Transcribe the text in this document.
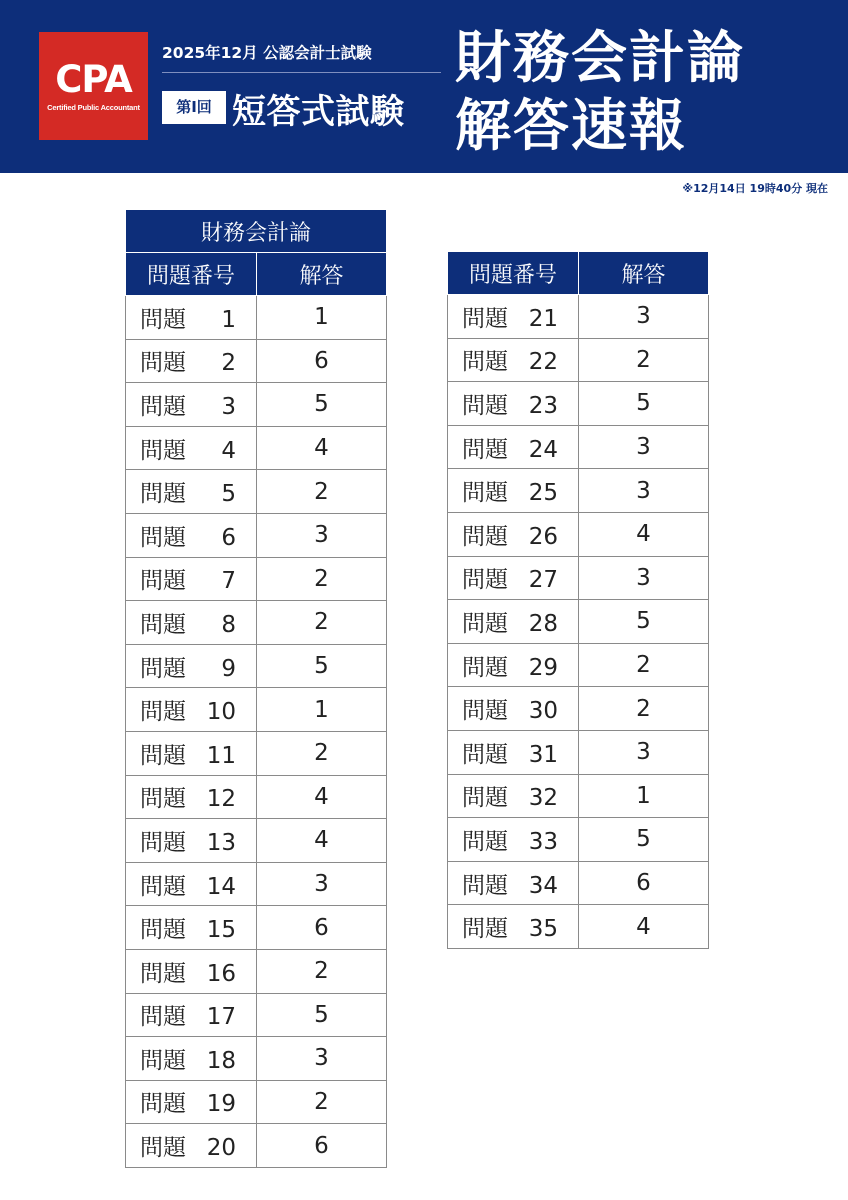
CPA
Certified Public Accountant
2025年12月 公認会計士試験
第Ⅰ回 短答式試験
財務会計論
解答速報
※12月14日 19時40分 現在
財務会計論	
問題番号	解答
問題 1	1
問題 2	6
問題 3	5
問題 4	4
問題 5	2
問題 6	3
問題 7	2
問題 8	2
問題 9	5
問題 10	1
問題 11	2
問題 12	4
問題 13	4
問題 14	3
問題 15	6
問題 16	2
問題 17	5
問題 18	3
問題 19	2
問題 20	6
問題番号	解答
問題 21	3
問題 22	2
問題 23	5
問題 24	3
問題 25	3
問題 26	4
問題 27	3
問題 28	5
問題 29	2
問題 30	2
問題 31	3
問題 32	1
問題 33	5
問題 34	6
問題 35	4
